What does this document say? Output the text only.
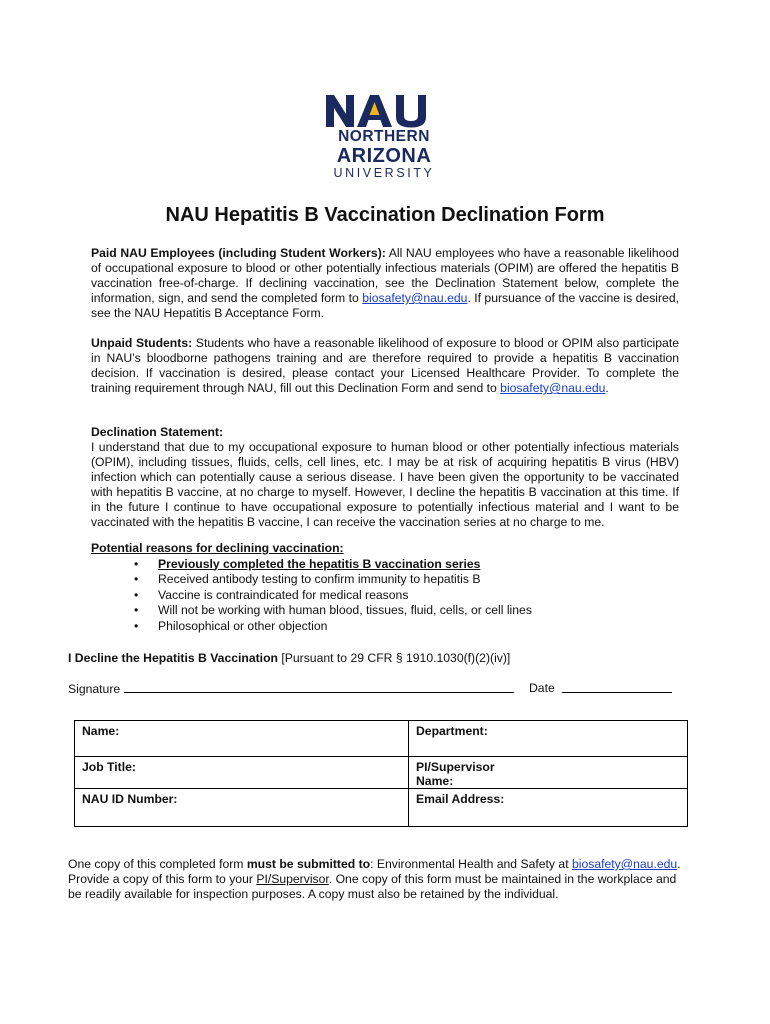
NORTHERN
ARIZONA
UNIVERSITY
NAU Hepatitis B Vaccination Declination Form
Paid NAU Employees (including Student Workers): All NAU employees who have a reasonable likelihood of occupational exposure to blood or other potentially infectious materials (OPIM) are offered the hepatitis B vaccination free-of-charge. If declining vaccination, see the Declination Statement below, complete the information, sign, and send the completed form to biosafety@nau.edu. If pursuance of the vaccine is desired, see the NAU Hepatitis B Acceptance Form.
Unpaid Students: Students who have a reasonable likelihood of exposure to blood or OPIM also participate in NAU’s bloodborne pathogens training and are therefore required to provide a hepatitis B vaccination decision. If vaccination is desired, please contact your Licensed Healthcare Provider. To complete the training requirement through NAU, fill out this Declination Form and send to biosafety@nau.edu.
Declination Statement:
I understand that due to my occupational exposure to human blood or other potentially infectious materials (OPIM), including tissues, fluids, cells, cell lines, etc. I may be at risk of acquiring hepatitis B virus (HBV) infection which can potentially cause a serious disease. I have been given the opportunity to be vaccinated with hepatitis B vaccine, at no charge to myself. However, I decline the hepatitis B vaccination at this time. If in the future I continue to have occupational exposure to potentially infectious material and I want to be vaccinated with the hepatitis B vaccine, I can receive the vaccination series at no charge to me.
Potential reasons for declining vaccination:
• Previously completed the hepatitis B vaccination series
• Received antibody testing to confirm immunity to hepatitis B
• Vaccine is contraindicated for medical reasons
• Will not be working with human blood, tissues, fluid, cells, or cell lines
• Philosophical or other objection
I Decline the Hepatitis B Vaccination [Pursuant to 29 CFR § 1910.1030(f)(2)(iv)]
Signature	Date
Name:	Department:
Job Title:	PI/Supervisor Name:
NAU ID Number:	Email Address:
One copy of this completed form must be submitted to: Environmental Health and Safety at biosafety@nau.edu. Provide a copy of this form to your PI/Supervisor. One copy of this form must be maintained in the workplace and be readily available for inspection purposes. A copy must also be retained by the individual.
